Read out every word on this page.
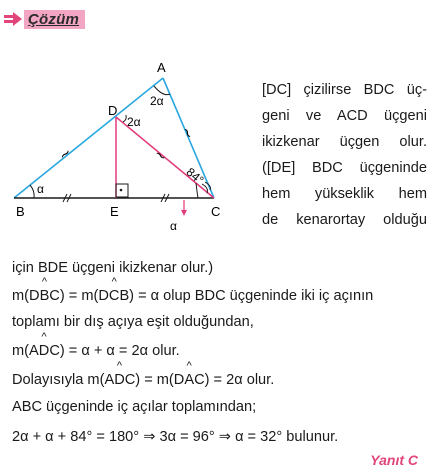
Çözüm
~	~
~
A
B	C
D
E
2α
2α
α
84°
α
[DC] çizilirse BDC üç-
geni ve ACD üçgeni
ikizkenar üçgen olur.
([DE] BDC üçgeninde
hem yükseklik hem
de kenarortay olduğu
için BDE üçgeni ikizkenar olur.)
m(D^ BC) = m(D^ CB) = α olup BDC üçgeninde iki iç açının
toplamı bir dış açıya eşit olduğundan,
m(A^ DC) = α + α = 2α olur.
Dolayısıyla m(A^ DC) = m(D^ AC) = 2α olur.
ABC üçgeninde iç açılar toplamından;
2α + α + 84° = 180° ⇒ 3α = 96° ⇒ α = 32° bulunur.
Yanıt C
